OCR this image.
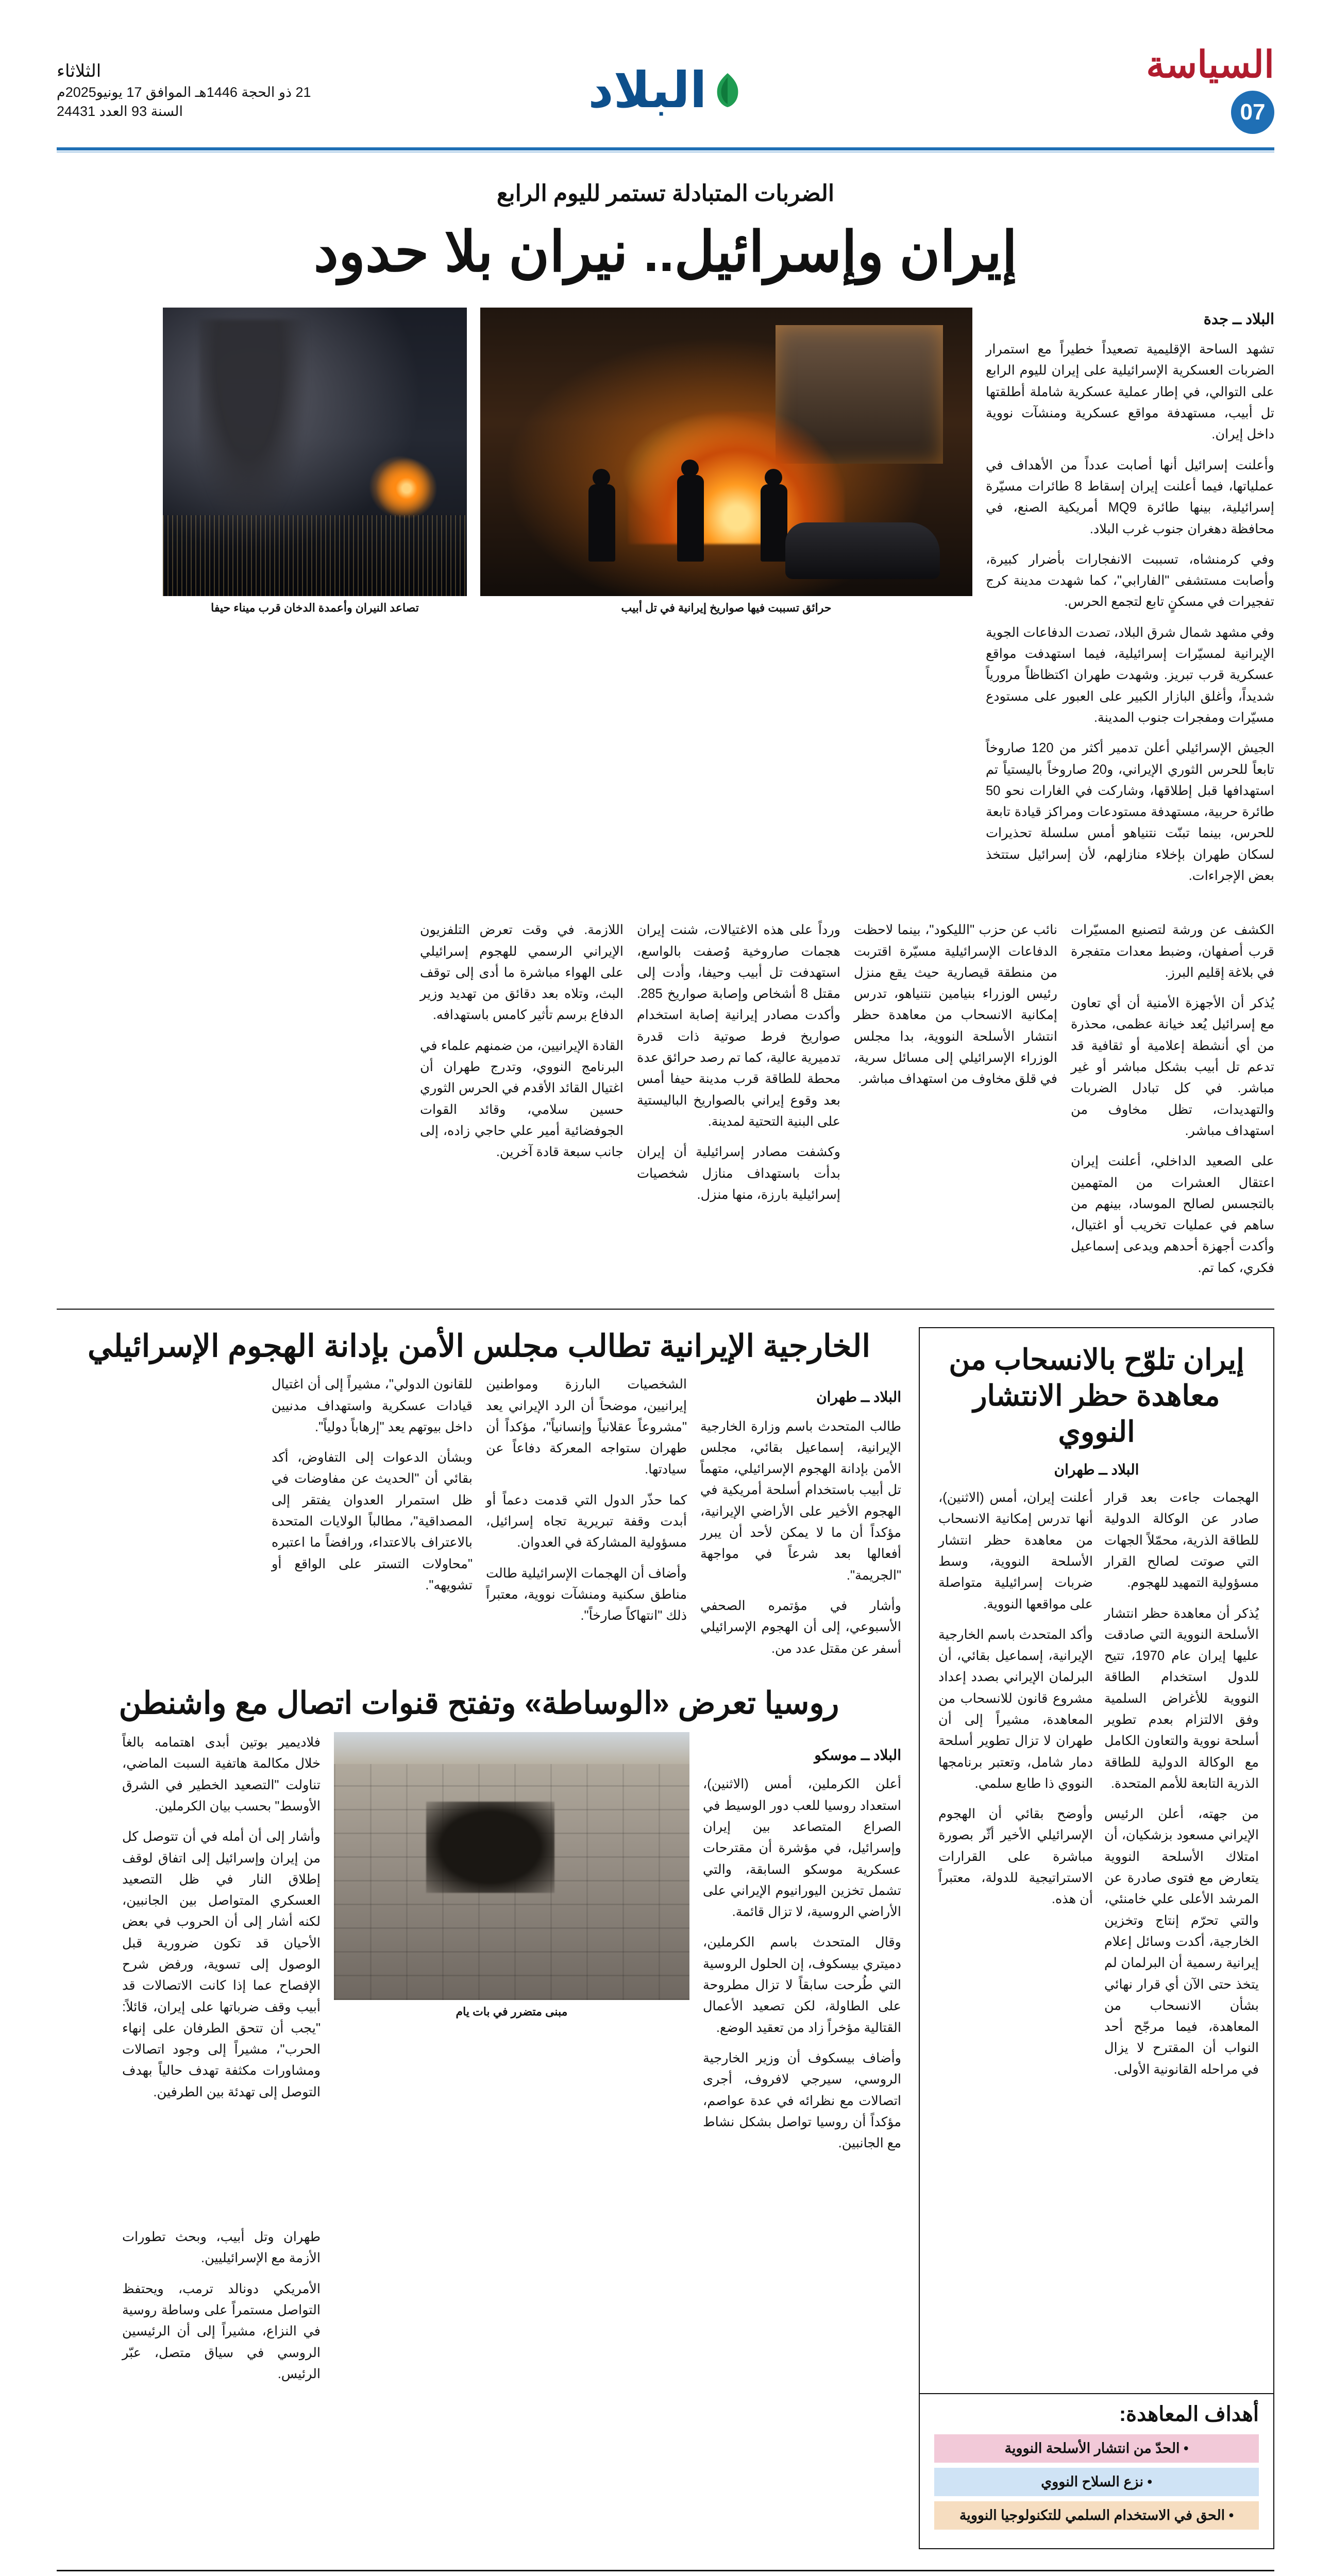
السياسة
07
البلاد
الثلاثاء
21 ذو الحجة 1446هـ الموافق 17 يونيو2025م
السنة 93 العدد 24431
الضربات المتبادلة تستمر لليوم الرابع
إيران وإسرائيل.. نيران بلا حدود
البلاد ــ جدة

تشهد الساحة الإقليمية تصعيداً خطيراً مع استمرار الضربات العسكرية الإسرائيلية على إيران لليوم الرابع على التوالي، في إطار عملية عسكرية شاملة أطلقتها تل أبيب، مستهدفة مواقع عسكرية ومنشآت نووية داخل إيران.

وأعلنت إسرائيل أنها أصابت عدداً من الأهداف في عملياتها، فيما أعلنت إيران إسقاط 8 طائرات مسيّرة إسرائيلية، بينها طائرة MQ9 أمريكية الصنع، في محافظة دهغران جنوب غرب البلاد.

وفي كرمنشاه، تسببت الانفجارات بأضرار كبيرة، وأصابت مستشفى "الفارابي"، كما شهدت مدينة كرج تفجيرات في مسكنٍ تابع لتجمع الحرس.

وفي مشهد شمال شرق البلاد، تصدت الدفاعات الجوية الإيرانية لمسيّرات إسرائيلية، فيما استهدفت مواقع عسكرية قرب تبريز. وشهدت طهران اكتظاظاً مرورياً شديداً، وأغلق البازار الكبير على العبور على مستودع مسيّرات ومفجرات جنوب المدينة.

الجيش الإسرائيلي أعلن تدمير أكثر من 120 صاروخاً تابعاً للحرس الثوري الإيراني، و20 صاروخاً باليستياً تم استهدافها قبل إطلاقها، وشاركت في الغارات نحو 50 طائرة حربية، مستهدفة مستودعات ومراكز قيادة تابعة للحرس، بينما تبنّت نتنياهو أمس سلسلة تحذيرات لسكان طهران بإخلاء منازلهم، لأن إسرائيل ستتخذ بعض الإجراءات.

حرائق تسببت فيها صواريخ إيرانية في تل أبيب
تصاعد النيران وأعمدة الدخان قرب ميناء حيفا

الكشف عن ورشة لتصنيع المسيّرات قرب أصفهان، وضبط معدات متفجرة في بلاغة إقليم البرز.

يُذكر أن الأجهزة الأمنية أن أي تعاون مع إسرائيل يُعد خيانة عظمى، محذرة من أي أنشطة إعلامية أو ثقافية قد تدعم تل أبيب بشكل مباشر أو غير مباشر. في كل تبادل الضربات والتهديدات، تظل مخاوف من استهداف مباشر.

على الصعيد الداخلي، أعلنت إيران اعتقال العشرات من المتهمين بالتجسس لصالح الموساد، بينهم من ساهم في عمليات تخريب أو اغتيال، وأكدت أجهزة أحدهم ويدعى إسماعيل فكري، كما تم.

نائب عن حزب "الليكود"، بينما لاحظت الدفاعات الإسرائيلية مسيّرة اقتربت من منطقة قيصارية حيث يقع منزل رئيس الوزراء بنيامين نتنياهو، تدرس إمكانية الانسحاب من معاهدة حظر انتشار الأسلحة النووية، بدا مجلس الوزراء الإسرائيلي إلى مسائل سرية، في قلق مخاوف من استهداف مباشر.

ورداً على هذه الاغتيالات، شنت إيران هجمات صاروخية وُصفت بالواسع، استهدفت تل أبيب وحيفا، وأدت إلى مقتل 8 أشخاص وإصابة صواريخ 285. وأكدت مصادر إيرانية إصابة استخدام صواريخ فرط صوتية ذات قدرة تدميرية عالية، كما تم رصد حرائق عدة محطة للطاقة قرب مدينة حيفا أمس بعد وقوع إيراني بالصواريخ الباليستية على البنية التحتية لمدينة.

وكشفت مصادر إسرائيلية أن إيران بدأت باستهداف منازل شخصيات إسرائيلية بارزة، منها منزل.

اللازمة. في وقت تعرض التلفزيون الإيراني الرسمي للهجوم إسرائيلي على الهواء مباشرة ما أدى إلى توقف البث، وتلاه بعد دقائق من تهديد وزير الدفاع برسم تأثير كامس باستهدافه.

القادة الإيرانيين، من ضمنهم علماء في البرنامج النووي، وتدرج طهران أن اغتيال القائد الأقدم في الحرس الثوري حسين سلامي، وقائد القوات الجوفضائية أمير علي حاجي زاده، إلى جانب سبعة قادة آخرين.

إيران تلوّح بالانسحاب من معاهدة حظر الانتشار النووي
البلاد ــ طهران

الهجمات جاءت بعد قرار صادر عن الوكالة الدولية للطاقة الذرية، محمّلاً الجهات التي صوتت لصالح القرار مسؤولية التمهيد للهجوم.

يُذكر أن معاهدة حظر انتشار الأسلحة النووية التي صادقت عليها إيران عام 1970، تتيح للدول استخدام الطاقة النووية للأغراض السلمية وفق الالتزام بعدم تطوير أسلحة نووية والتعاون الكامل مع الوكالة الدولية للطاقة الذرية التابعة للأمم المتحدة.

من جهته، أعلن الرئيس الإيراني مسعود بزشكيان، أن امتلاك الأسلحة النووية يتعارض مع فتوى صادرة عن المرشد الأعلى علي خامنئي، والتي تحرّم إنتاج وتخزين الخارجية، أكدت وسائل إعلام إيرانية رسمية أن البرلمان لم يتخذ حتى الآن أي قرار نهائي بشأن الانسحاب من المعاهدة، فيما مرجّح أحد النواب أن المقترح لا يزال في مراحله القانونية الأولى.

أعلنت إيران، أمس (الاثنين)، أنها تدرس إمكانية الانسحاب من معاهدة حظر انتشار الأسلحة النووية، وسط ضربات إسرائيلية متواصلة على مواقعها النووية.

وأكد المتحدث باسم الخارجية الإيرانية، إسماعيل بقائي، أن البرلمان الإيراني بصدد إعداد مشروع قانون للانسحاب من المعاهدة، مشيراً إلى أن طهران لا تزال تطوير أسلحة دمار شامل، وتعتبر برنامجها النووي ذا طابع سلمي.

وأوضح بقائي أن الهجوم الإسرائيلي الأخير أثّر بصورة مباشرة على القرارات الاستراتيجية للدولة، معتبراً أن هذه.

الخارجية الإيرانية تطالب مجلس الأمن بإدانة الهجوم الإسرائيلي
البلاد ــ طهران

طالب المتحدث باسم وزارة الخارجية الإيرانية، إسماعيل بقائي، مجلس الأمن بإدانة الهجوم الإسرائيلي، متهماً تل أبيب باستخدام أسلحة أمريكية في الهجوم الأخير على الأراضي الإيرانية، مؤكداً أن ما لا يمكن لأحد أن يبرر أفعالها بعد شرعاً في مواجهة "الجريمة".

وأشار في مؤتمره الصحفي الأسبوعي، إلى أن الهجوم الإسرائيلي أسفر عن مقتل عدد من.

الشخصيات البارزة ومواطنين إيرانيين، موضحاً أن الرد الإيراني يعد "مشروعاً عقلانياً وإنسانياً"، مؤكداً أن طهران ستواجه المعركة دفاعاً عن سيادتها.

كما حذّر الدول التي قدمت دعماً أو أبدت وقفة تبريرية تجاه إسرائيل، مسؤولية المشاركة في العدوان.

وأضاف أن الهجمات الإسرائيلية طالت مناطق سكنية ومنشآت نووية، معتبراً ذلك "انتهاكاً صارخاً".

للقانون الدولي"، مشيراً إلى أن اغتيال قيادات عسكرية واستهداف مدنيين داخل بيوتهم يعد "إرهاباً دولياً".

وبشأن الدعوات إلى التفاوض، أكد بقائي أن "الحديث عن مفاوضات في ظل استمرار العدوان يفتقر إلى المصداقية"، مطالباً الولايات المتحدة بالاعتراف بالاعتداء، ورافضاً ما اعتبره "محاولات التستر على الواقع أو تشويهه".

روسيا تعرض «الوساطة» وتفتح قنوات اتصال مع واشنطن
البلاد ــ موسكو

أعلن الكرملين، أمس (الاثنين)، استعداد روسيا للعب دور الوسيط في الصراع المتصاعد بين إيران وإسرائيل، في مؤشرة أن مقترحات عسكرية موسكو السابقة، والتي تشمل تخزين اليورانيوم الإيراني على الأراضي الروسية، لا تزال قائمة.

وقال المتحدث باسم الكرملين، دميتري بيسكوف، إن الحلول الروسية التي طُرحت سابقاً لا تزال مطروحة على الطاولة، لكن تصعيد الأعمال القتالية مؤخراً زاد من تعقيد الوضع.

وأضاف بيسكوف أن وزير الخارجية الروسي، سيرجي لافروف، أجرى اتصالات مع نظرائه في عدة عواصم، مؤكداً أن روسيا تواصل بشكل نشاط مع الجانبين.

مبنى متضرر في بات يام

فلاديمير بوتين أبدى اهتمامه بالغاً خلال مكالمة هاتفية السبت الماضي، تناولت "التصعيد الخطير في الشرق الأوسط" بحسب بيان الكرملين.

وأشار إلى أن أمله في أن تتوصل كل من إيران وإسرائيل إلى اتفاق لوقف إطلاق النار في ظل التصعيد العسكري المتواصل بين الجانبين، لكنه أشار إلى أن الحروب في بعض الأحيان قد تكون ضرورية قبل الوصول إلى تسوية، ورفض شرح الإفصاح عما إذا كانت الاتصالات قد أبيب وقف ضرباتها على إيران، قائلاً: "يجب أن تتحق الطرفان على إنهاء الحرب"، مشيراً إلى وجود اتصالات ومشاورات مكثفة تهدف حالياً بهدف التوصل إلى تهدئة بين الطرفين.

طهران وتل أبيب، وبحث تطورات الأزمة مع الإسرائيليين.

الأمريكي دونالد ترمب، ويحتفظ التواصل مستمراً على وساطة روسية في النزاع، مشيراً إلى أن الرئيسين الروسي في سياق متصل، عبّر الرئيس.

أهداف المعاهدة:
• الحدّ من انتشار الأسلحة النووية
• نزع السلاح النووي
• الحق في الاستخدام السلمي للتكنولوجيا النووية
